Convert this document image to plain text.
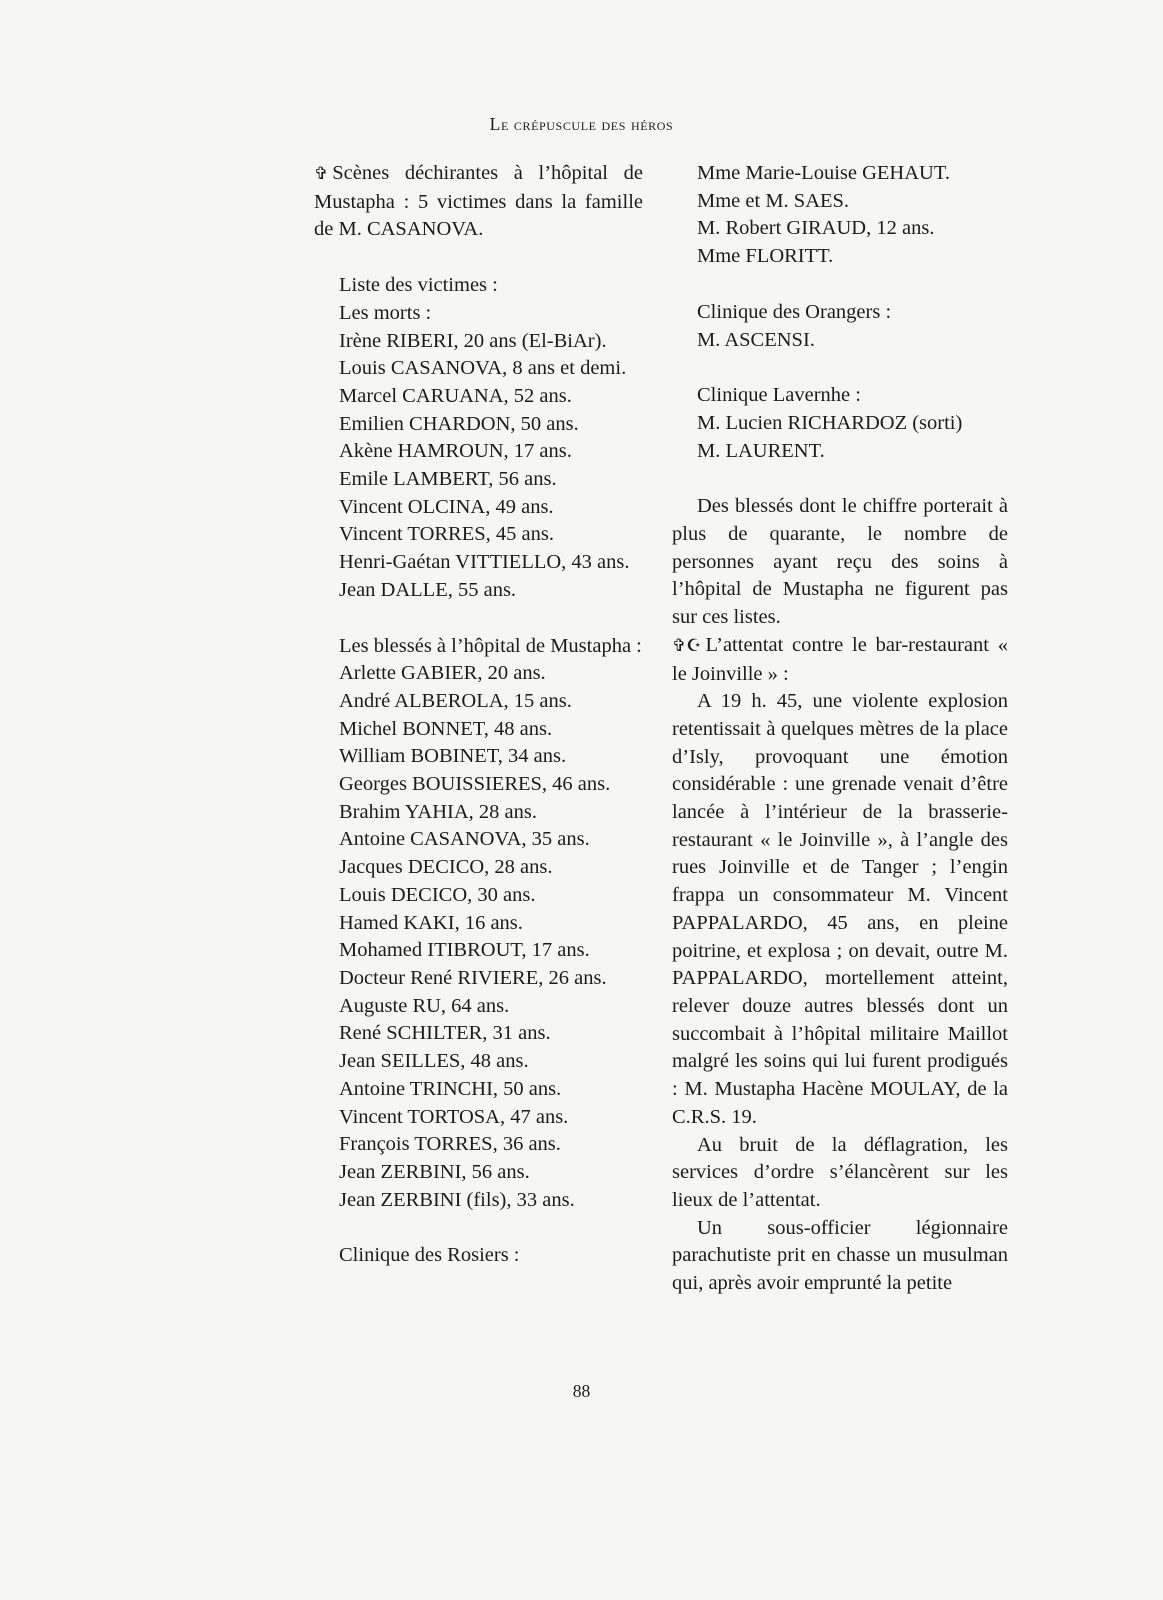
Le crépuscule des héros

✞ Scènes déchirantes à l’hôpital de Mustapha : 5 victimes dans la famille de M. CASANOVA.

Liste des victimes :

Les morts :

Irène RIBERI, 20 ans (El-BiAr).

Louis CASANOVA, 8 ans et demi.

Marcel CARUANA, 52 ans.

Emilien CHARDON, 50 ans.

Akène HAMROUN, 17 ans.

Emile LAMBERT, 56 ans.

Vincent OLCINA, 49 ans.

Vincent TORRES, 45 ans.

Henri-Gaétan VITTIELLO, 43 ans.

Jean DALLE, 55 ans.

Les blessés à l’hôpital de Mustapha :

Arlette GABIER, 20 ans.

André ALBEROLA, 15 ans.

Michel BONNET, 48 ans.

William BOBINET, 34 ans.

Georges BOUISSIERES, 46 ans.

Brahim YAHIA, 28 ans.

Antoine CASANOVA, 35 ans.

Jacques DECICO, 28 ans.

Louis DECICO, 30 ans.

Hamed KAKI, 16 ans.

Mohamed ITIBROUT, 17 ans.

Docteur René RIVIERE, 26 ans.

Auguste RU, 64 ans.

René SCHILTER, 31 ans.

Jean SEILLES, 48 ans.

Antoine TRINCHI, 50 ans.

Vincent TORTOSA, 47 ans.

François TORRES, 36 ans.

Jean ZERBINI, 56 ans.

Jean ZERBINI (fils), 33 ans.

Clinique des Rosiers :

Mme Marie-Louise GEHAUT.

Mme et M. SAES.

M. Robert GIRAUD, 12 ans.

Mme FLORITT.

Clinique des Orangers :

M. ASCENSI.

Clinique Lavernhe :

M. Lucien RICHARDOZ (sorti)

M. LAURENT.

Des blessés dont le chiffre porterait à plus de quarante, le nombre de personnes ayant reçu des soins à l’hôpital de Mustapha ne figurent pas sur ces listes.

✞☪ L’attentat contre le bar-restaurant « le Joinville » :

A 19 h. 45, une violente explosion retentissait à quelques mètres de la place d’Isly, provoquant une émotion considérable : une grenade venait d’être lancée à l’intérieur de la brasserie-restaurant « le Joinville », à l’angle des rues Joinville et de Tanger ; l’engin frappa un consommateur M. Vincent PAPPALARDO, 45 ans, en pleine poitrine, et explosa ; on devait, outre M. PAPPALARDO, mortellement atteint, relever douze autres blessés dont un succombait à l’hôpital militaire Maillot malgré les soins qui lui furent prodigués : M. Mustapha Hacène MOULAY, de la C.R.S. 19.

Au bruit de la déflagration, les services d’ordre s’élancèrent sur les lieux de l’attentat.

Un sous-officier légionnaire parachutiste prit en chasse un musulman qui, après avoir emprunté la petite

88
